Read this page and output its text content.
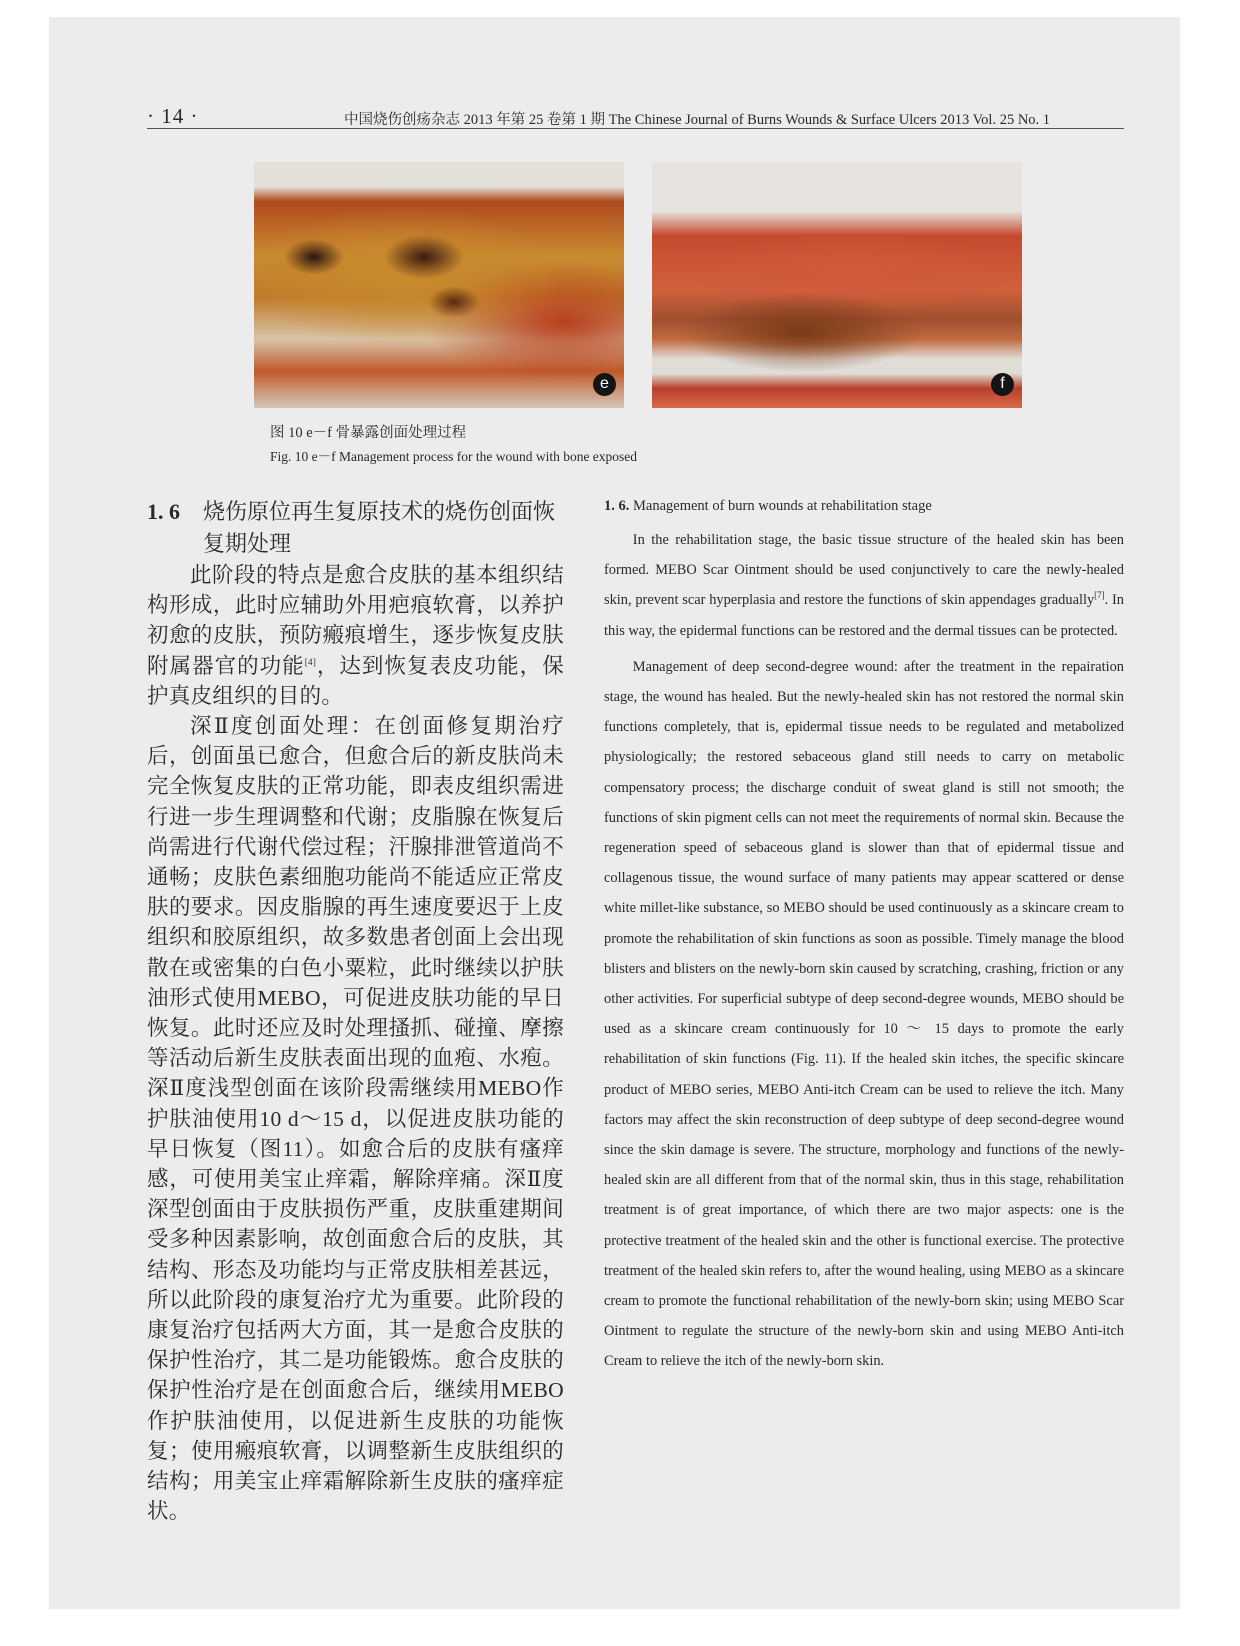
· 14 ·	中国烧伤创疡杂志 2013 年第 25 卷第 1 期 The Chinese Journal of Burns Wounds & Surface Ulcers 2013 Vol. 25 No. 1
e	f
图 10 e－f 骨暴露创面处理过程
Fig. 10 e－f Management process for the wound with bone exposed
1. 6	烧伤原位再生复原技术的烧伤创面恢复期处理

此阶段的特点是愈合皮肤的基本组织结构形成，此时应辅助外用疤痕软膏，以养护初愈的皮肤，预防瘢痕增生，逐步恢复皮肤附属器官的功能[4]，达到恢复表皮功能，保护真皮组织的目的。

深Ⅱ度创面处理：在创面修复期治疗后，创面虽已愈合，但愈合后的新皮肤尚未完全恢复皮肤的正常功能，即表皮组织需进行进一步生理调整和代谢；皮脂腺在恢复后尚需进行代谢代偿过程；汗腺排泄管道尚不通畅；皮肤色素细胞功能尚不能适应正常皮肤的要求。因皮脂腺的再生速度要迟于上皮组织和胶原组织，故多数患者创面上会出现散在或密集的白色小粟粒，此时继续以护肤油形式使用MEBO，可促进皮肤功能的早日恢复。此时还应及时处理搔抓、碰撞、摩擦等活动后新生皮肤表面出现的血疱、水疱。深Ⅱ度浅型创面在该阶段需继续用MEBO作护肤油使用10 d～15 d，以促进皮肤功能的早日恢复（图11）。如愈合后的皮肤有瘙痒感，可使用美宝止痒霜，解除痒痛。深Ⅱ度深型创面由于皮肤损伤严重，皮肤重建期间受多种因素影响，故创面愈合后的皮肤，其结构、形态及功能均与正常皮肤相差甚远，所以此阶段的康复治疗尤为重要。此阶段的康复治疗包括两大方面，其一是愈合皮肤的保护性治疗，其二是功能锻炼。愈合皮肤的保护性治疗是在创面愈合后，继续用MEBO作护肤油使用，以促进新生皮肤的功能恢复；使用瘢痕软膏，以调整新生皮肤组织的结构；用美宝止痒霜解除新生皮肤的瘙痒症状。

1. 6. Management of burn wounds at rehabilitation stage

In the rehabilitation stage, the basic tissue structure of the healed skin has been formed. MEBO Scar Ointment should be used conjunctively to care the newly-healed skin, prevent scar hyperplasia and restore the functions of skin appendages gradually[7]. In this way, the epidermal functions can be restored and the dermal tissues can be protected.

Management of deep second-degree wound: after the treatment in the repairation stage, the wound has healed. But the newly-healed skin has not restored the normal skin functions completely, that is, epidermal tissue needs to be regulated and metabolized physiologically; the restored sebaceous gland still needs to carry on metabolic compensatory process; the discharge conduit of sweat gland is still not smooth; the functions of skin pigment cells can not meet the requirements of normal skin. Because the regeneration speed of sebaceous gland is slower than that of epidermal tissue and collagenous tissue, the wound surface of many patients may appear scattered or dense white millet-like substance, so MEBO should be used continuously as a skincare cream to promote the rehabilitation of skin functions as soon as possible. Timely manage the blood blisters and blisters on the newly-born skin caused by scratching, crashing, friction or any other activities. For superficial subtype of deep second-degree wounds, MEBO should be used as a skincare cream continuously for 10 ～ 15 days to promote the early rehabilitation of skin functions (Fig. 11). If the healed skin itches, the specific skincare product of MEBO series, MEBO Anti-itch Cream can be used to relieve the itch. Many factors may affect the skin reconstruction of deep subtype of deep second-degree wound since the skin damage is severe. The structure, morphology and functions of the newly-healed skin are all different from that of the normal skin, thus in this stage, rehabilitation treatment is of great importance, of which there are two major aspects: one is the protective treatment of the healed skin and the other is functional exercise. The protective treatment of the healed skin refers to, after the wound healing, using MEBO as a skincare cream to promote the functional rehabilitation of the newly-born skin; using MEBO Scar Ointment to regulate the structure of the newly-born skin and using MEBO Anti-itch Cream to relieve the itch of the newly-born skin.
